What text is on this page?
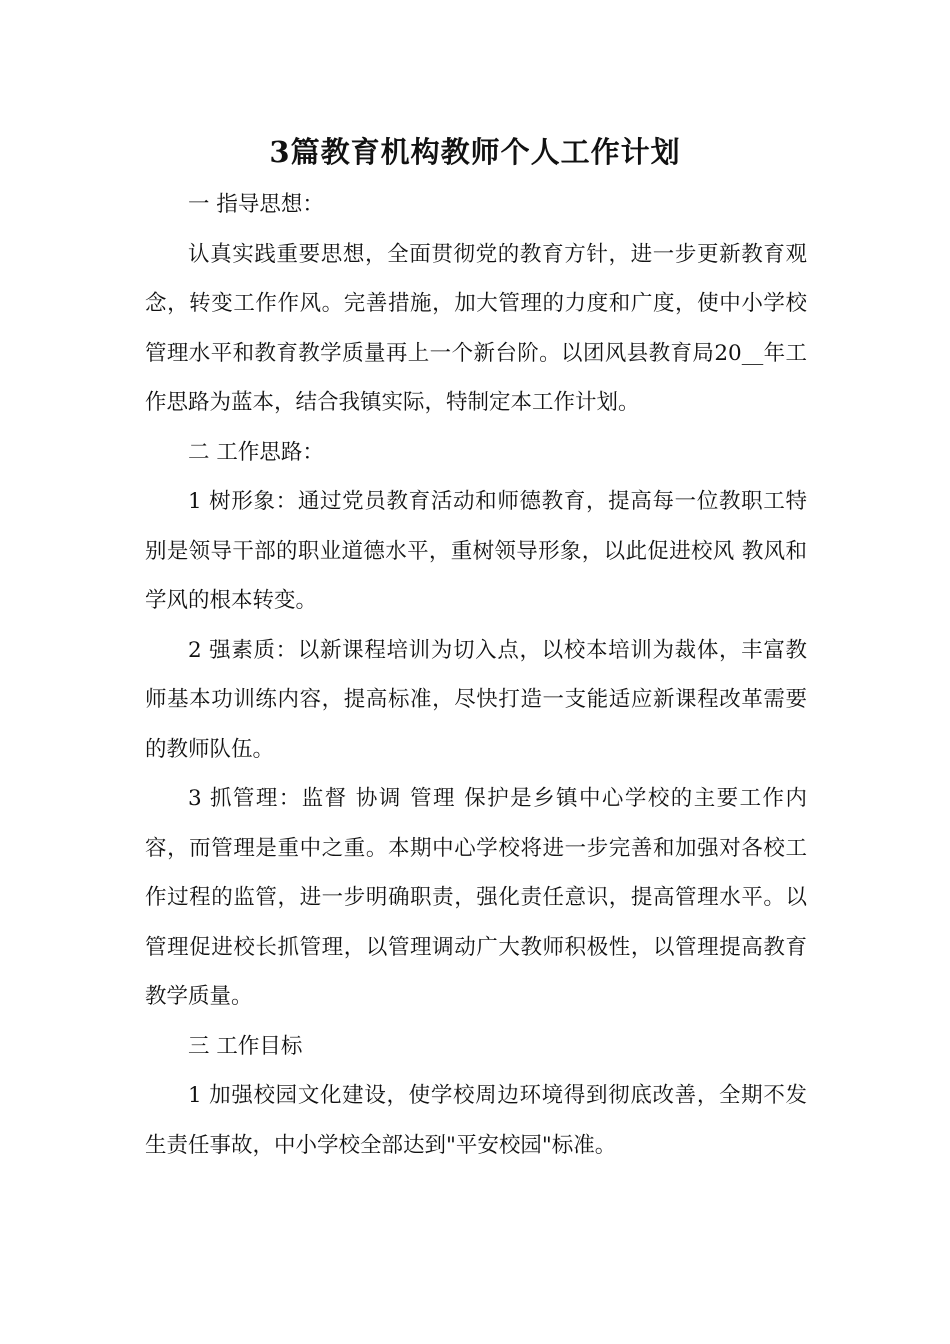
3篇教育机构教师个人工作计划

一 指导思想：

认真实践重要思想，全面贯彻党的教育方针，进一步更新教育观念，转变工作作风。完善措施，加大管理的力度和广度，使中小学校管理水平和教育教学质量再上一个新台阶。以团风县教育局20__年工作思路为蓝本，结合我镇实际，特制定本工作计划。

二 工作思路：

1 树形象：通过党员教育活动和师德教育，提高每一位教职工特别是领导干部的职业道德水平，重树领导形象，以此促进校风 教风和学风的根本转变。

2 强素质：以新课程培训为切入点，以校本培训为裁体，丰富教师基本功训练内容，提高标准，尽快打造一支能适应新课程改革需要的教师队伍。

3 抓管理：监督 协调 管理 保护是乡镇中心学校的主要工作内容，而管理是重中之重。本期中心学校将进一步完善和加强对各校工作过程的监管，进一步明确职责，强化责任意识，提高管理水平。以管理促进校长抓管理，以管理调动广大教师积极性，以管理提高教育教学质量。

三 工作目标

1 加强校园文化建设，使学校周边环境得到彻底改善，全期不发生责任事故，中小学校全部达到"平安校园"标准。
